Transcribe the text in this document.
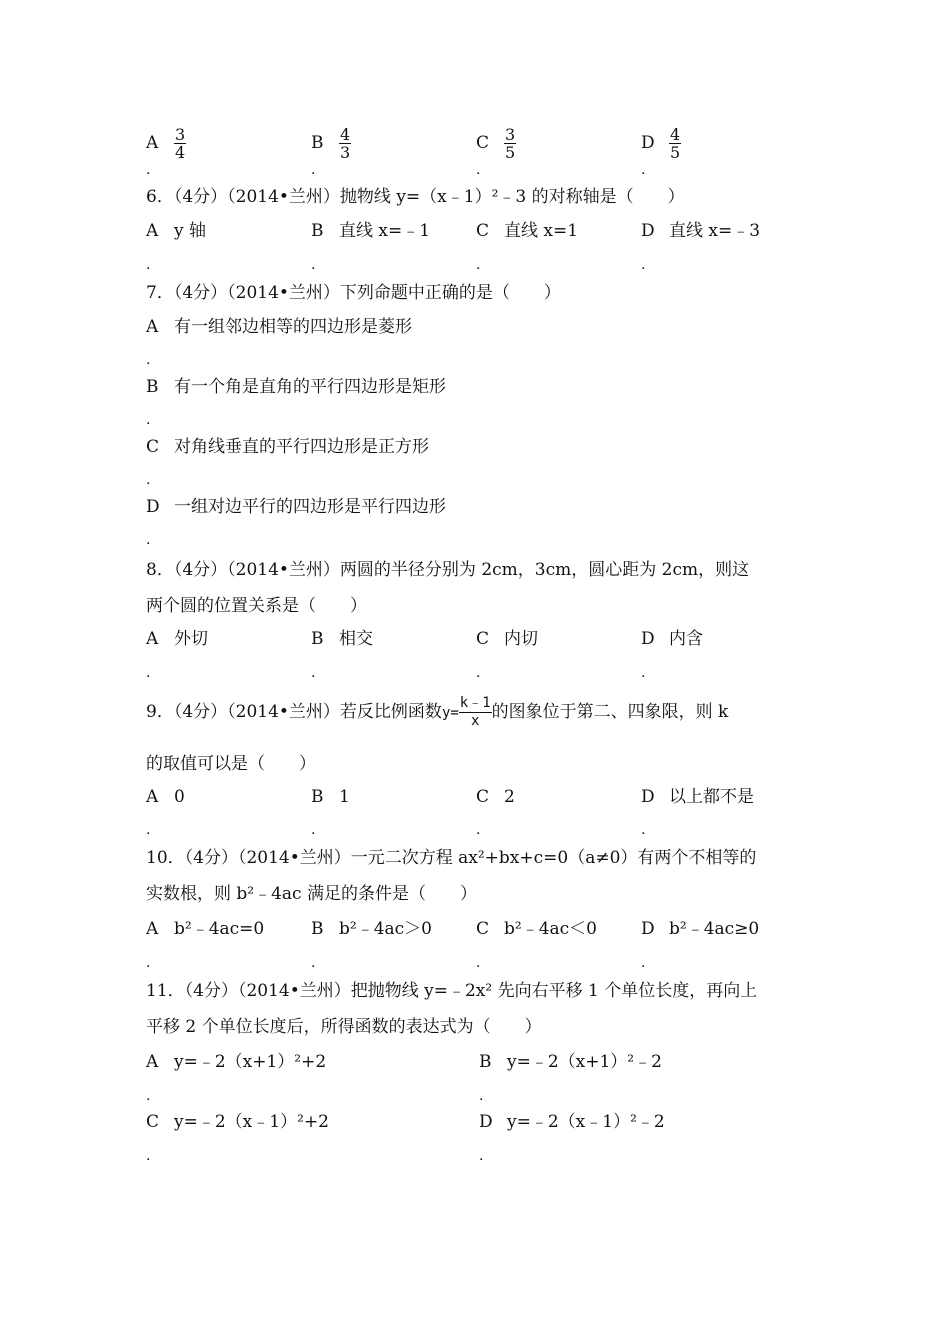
A $\frac{3}{4}$	B $\frac{4}{3}$	C $\frac{3}{5}$	D $\frac{4}{5}$
.	.	.	.
6．（4分）（2014•兰州）抛物线 y=（x﹣1）²﹣3 的对称轴是（　　）
A y 轴	B 直线 x=﹣1	C 直线 x=1	D 直线 x=﹣3
.	.	.	.
7．（4分）（2014•兰州）下列命题中正确的是（　　）
A 有一组邻边相等的四边形是菱形
.
B 有一个角是直角的平行四边形是矩形
.
C 对角线垂直的平行四边形是正方形
.
D 一组对边平行的四边形是平行四边形
.
8．（4分）（2014•兰州）两圆的半径分别为 2cm，3cm，圆心距为 2cm，则这
两个圆的位置关系是（　　）
A 外切	B 相交	C 内切	D 内含
.	.	.	.
9．（4分）（2014•兰州）若反比例函数$y= \frac{k﹣1}{x}$ 的图象位于第二、四象限，则 k
的取值可以是（　　）
A 0	B 1	C 2	D 以上都不是
.	.	.	.
10．（4分）（2014•兰州）一元二次方程 ax²+bx+c=0（a≠0）有两个不相等的
实数根，则 b²﹣4ac 满足的条件是（　　）
A b²﹣4ac=0	B b²﹣4ac＞0	C b²﹣4ac＜0	D b²﹣4ac≥0
.	.	.	.
11．（4分）（2014•兰州）把抛物线 y=﹣2x² 先向右平移 1 个单位长度，再向上
平移 2 个单位长度后，所得函数的表达式为（　　）
A y=﹣2（x+1）²+2	B y=﹣2（x+1）²﹣2
.	.
C y=﹣2（x﹣1）²+2	D y=﹣2（x﹣1）²﹣2
.	.
